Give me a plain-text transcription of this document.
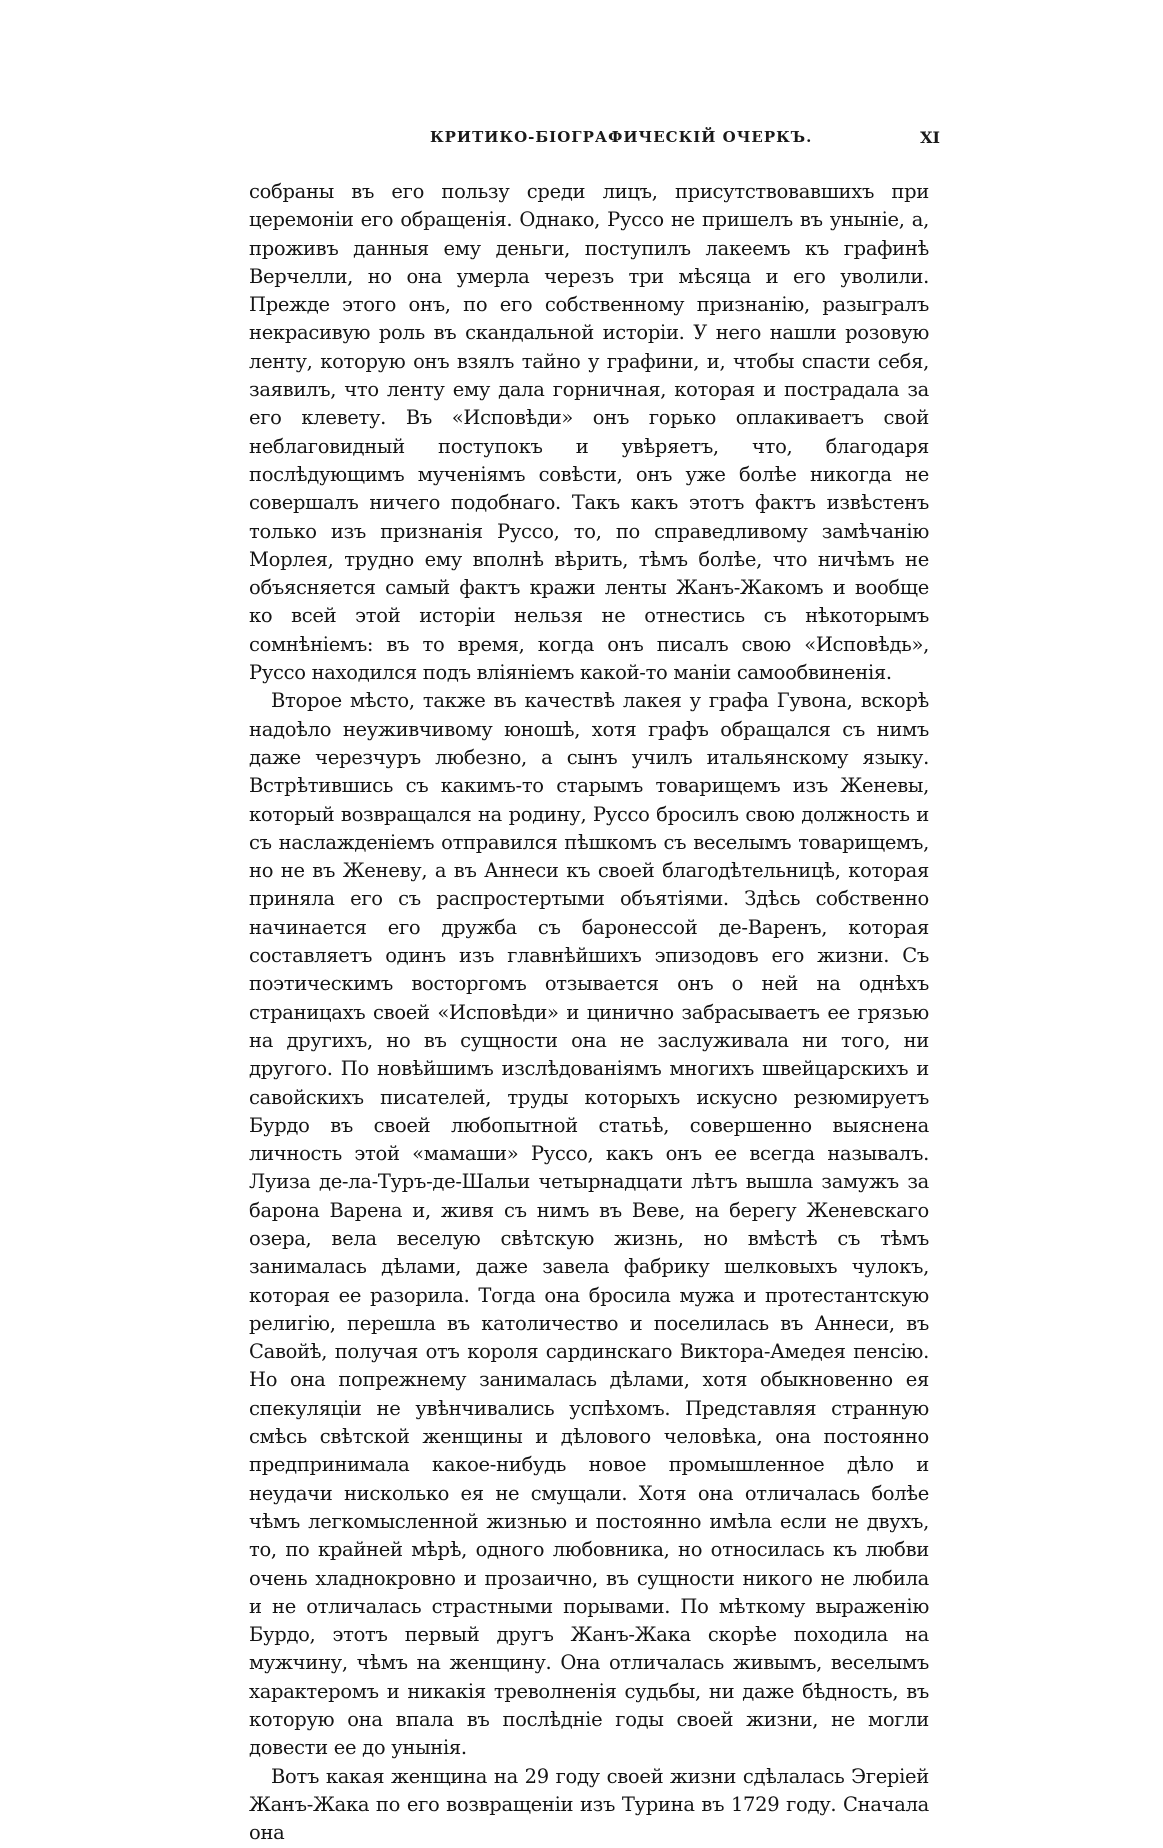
КРИТИКО-БІОГРАФИЧЕСКІЙ ОЧЕРКЪ.	XI

собраны въ его пользу среди лицъ, присутствовавшихъ при церемоніи его обращенія. Однако, Руссо не пришелъ въ уныніе, а, проживъ данныя ему деньги, поступилъ лакеемъ къ графинѣ Верчелли, но она умерла черезъ три мѣсяца и его уволили. Прежде этого онъ, по его собственному признанію, разыгралъ некрасивую роль въ скандальной исторіи. У него нашли розовую ленту, которую онъ взялъ тайно у графини, и, чтобы спасти себя, заявилъ, что ленту ему дала горничная, которая и пострадала за его клевету. Въ «Исповѣди» онъ горько оплакиваетъ свой неблаговидный поступокъ и увѣряетъ, что, благодаря послѣдующимъ мученіямъ совѣсти, онъ уже болѣе никогда не совершалъ ничего подобнаго. Такъ какъ этотъ фактъ извѣстенъ только изъ признанія Руссо, то, по справедливому замѣчанію Морлея, трудно ему вполнѣ вѣрить, тѣмъ болѣе, что ничѣмъ не объясняется самый фактъ кражи ленты Жанъ-Жакомъ и вообще ко всей этой исторіи нельзя не отнестись съ нѣкоторымъ сомнѣніемъ: въ то время, когда онъ писалъ свою «Исповѣдь», Руссо находился подъ вліяніемъ какой-то маніи самообвиненія.

Второе мѣсто, также въ качествѣ лакея у графа Гувона, вскорѣ надоѣло неуживчивому юношѣ, хотя графъ обращался съ нимъ даже черезчуръ любезно, а сынъ училъ итальянскому языку. Встрѣтившись съ какимъ-то старымъ товарищемъ изъ Женевы, который возвращался на родину, Руссо бросилъ свою должность и съ наслажденіемъ отправился пѣшкомъ съ веселымъ товарищемъ, но не въ Женеву, а въ Аннеси къ своей благодѣтельницѣ, которая приняла его съ распростертыми объятіями. Здѣсь собственно начинается его дружба съ баронессой де-Варенъ, которая составляетъ одинъ изъ главнѣйшихъ эпизодовъ его жизни. Съ поэтическимъ восторгомъ отзывается онъ о ней на однѣхъ страницахъ своей «Исповѣди» и цинично забрасываетъ ее грязью на другихъ, но въ сущности она не заслуживала ни того, ни другого. По новѣйшимъ изслѣдованіямъ многихъ швейцарскихъ и савойскихъ писателей, труды которыхъ искусно резюмируетъ Бурдо въ своей любопытной статьѣ, совершенно выяснена личность этой «мамаши» Руссо, какъ онъ ее всегда называлъ. Луиза де-ла-Туръ-де-Шальи четырнадцати лѣтъ вышла замужъ за барона Варена и, живя съ нимъ въ Веве, на берегу Женевскаго озера, вела веселую свѣтскую жизнь, но вмѣстѣ съ тѣмъ занималась дѣлами, даже завела фабрику шелковыхъ чулокъ, которая ее разорила. Тогда она бросила мужа и протестантскую религію, перешла въ католичество и поселилась въ Аннеси, въ Савойѣ, получая отъ короля сардинскаго Виктора-Амедея пенсію. Но она попрежнему занималась дѣлами, хотя обыкновенно ея спекуляціи не увѣнчивались успѣхомъ. Представляя странную смѣсь свѣтской женщины и дѣлового человѣка, она постоянно предпринимала какое-нибудь новое промышленное дѣло и неудачи нисколько ея не смущали. Хотя она отличалась болѣе чѣмъ легкомысленной жизнью и постоянно имѣла если не двухъ, то, по крайней мѣрѣ, одного любовника, но относилась къ любви очень хладнокровно и прозаично, въ сущности никого не любила и не отличалась страстными порывами. По мѣткому выраженію Бурдо, этотъ первый другъ Жанъ-Жака скорѣе походила на мужчину, чѣмъ на женщину. Она отличалась живымъ, веселымъ характеромъ и никакія треволненія судьбы, ни даже бѣдность, въ которую она впала въ послѣдніе годы своей жизни, не могли довести ее до унынія.

Вотъ какая женщина на 29 году своей жизни сдѣлалась Эгеріей Жанъ-Жака по его возвращеніи изъ Турина въ 1729 году. Сначала она
